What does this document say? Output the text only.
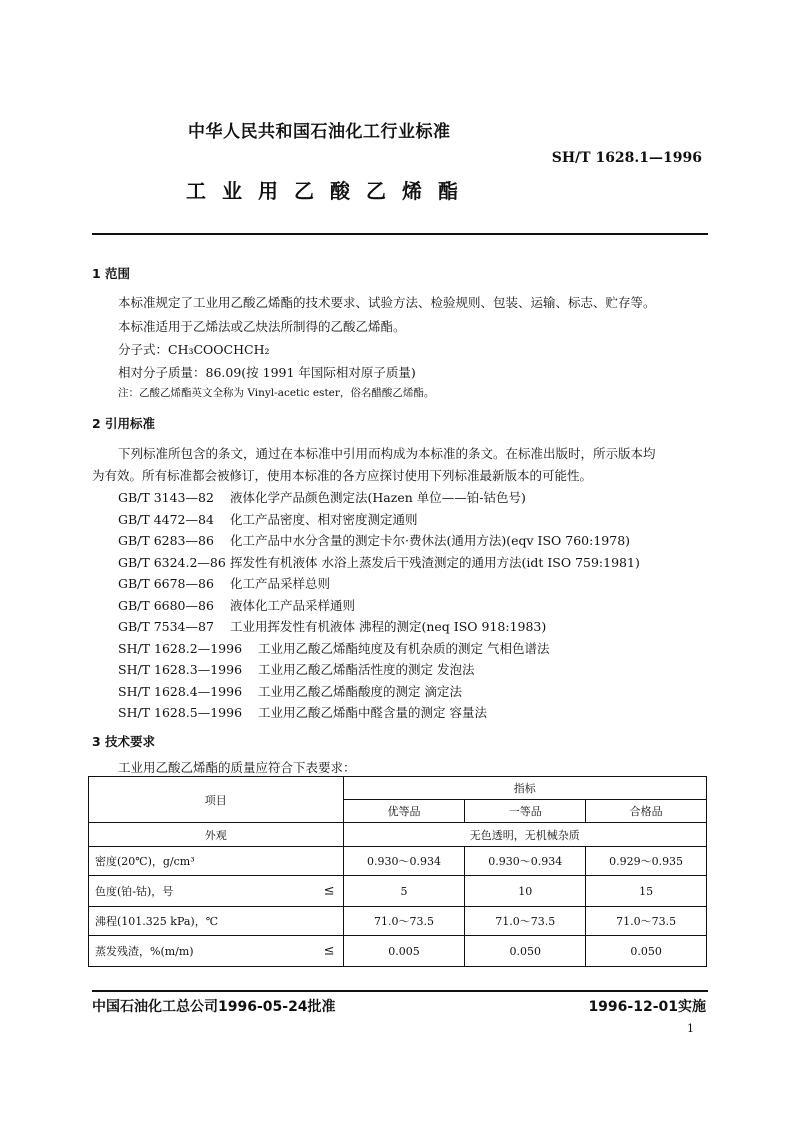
中华人民共和国石油化工行业标准
SH/T 1628.1—1996
工业用乙酸乙烯酯
1 范围
本标准规定了工业用乙酸乙烯酯的技术要求、试验方法、检验规则、包装、运输、标志、贮存等。
本标准适用于乙烯法或乙炔法所制得的乙酸乙烯酯。
分子式：CH₃COOCHCH₂
相对分子质量：86.09(按 1991 年国际相对原子质量)
注：乙酸乙烯酯英文全称为 Vinyl-acetic ester，俗名醋酸乙烯酯。
2 引用标准
下列标准所包含的条文，通过在本标准中引用而构成为本标准的条文。在标准出版时，所示版本均
为有效。所有标准都会被修订，使用本标准的各方应探讨使用下列标准最新版本的可能性。
GB/T 3143—82 液体化学产品颜色测定法(Hazen 单位——铂-钴色号)
GB/T 4472—84 化工产品密度、相对密度测定通则
GB/T 6283—86 化工产品中水分含量的测定卡尔·费休法(通用方法)(eqv ISO 760:1978)
GB/T 6324.2—86 挥发性有机液体 水浴上蒸发后干残渣测定的通用方法(idt ISO 759:1981)
GB/T 6678—86 化工产品采样总则
GB/T 6680—86 液体化工产品采样通则
GB/T 7534—87 工业用挥发性有机液体 沸程的测定(neq ISO 918:1983)
SH/T 1628.2—1996 工业用乙酸乙烯酯纯度及有机杂质的测定 气相色谱法
SH/T 1628.3—1996 工业用乙酸乙烯酯活性度的测定 发泡法
SH/T 1628.4—1996 工业用乙酸乙烯酯酸度的测定 滴定法
SH/T 1628.5—1996 工业用乙酸乙烯酯中醛含量的测定 容量法
3 技术要求
工业用乙酸乙烯酯的质量应符合下表要求：
项目	指标		
	优等品	一等品	合格品
外观	无色透明，无机械杂质		
密度(20℃)，g/cm³	0.930～0.934	0.930～0.934	0.929～0.935
色度(铂-钴)，号 ≤	5	10	15
沸程(101.325 kPa)，℃	71.0～73.5	71.0～73.5	71.0～73.5
蒸发残渣，%(m/m) ≤	0.005	0.050	0.050
中国石油化工总公司1996-05-24批准	1996-12-01实施
1
